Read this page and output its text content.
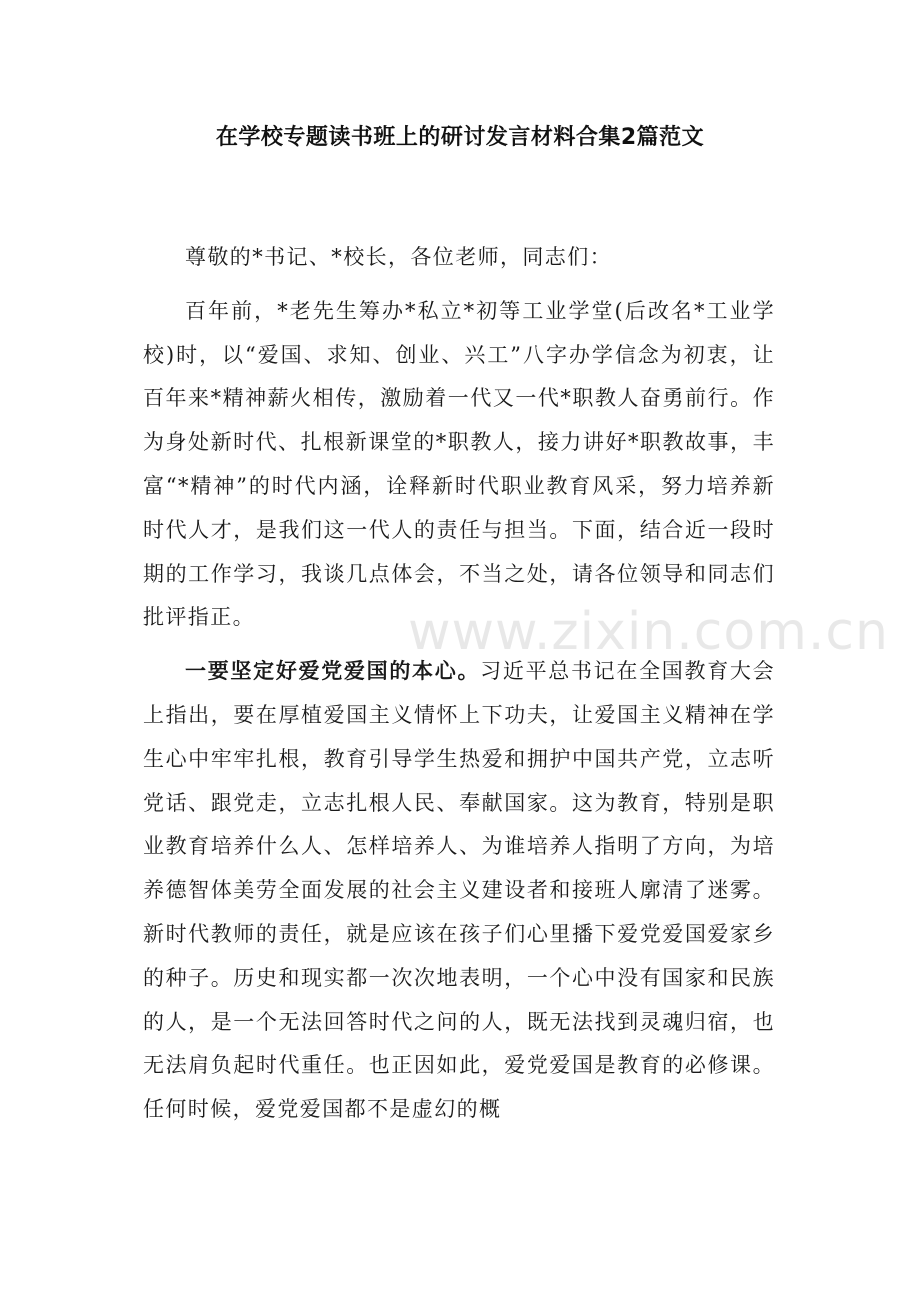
在学校专题读书班上的研讨发言材料合集2篇范文

尊敬的*书记、*校长，各位老师，同志们：

百年前，*老先生筹办*私立*初等工业学堂(后改名*工业学校)时，以“爱国、求知、创业、兴工”八字办学信念为初衷，让百年来*精神薪火相传，激励着一代又一代*职教人奋勇前行。作为身处新时代、扎根新课堂的*职教人，接力讲好*职教故事，丰富“*精神”的时代内涵，诠释新时代职业教育风采，努力培养新时代人才，是我们这一代人的责任与担当。下面，结合近一段时期的工作学习，我谈几点体会，不当之处，请各位领导和同志们批评指正。

一要坚定好爱党爱国的本心。习近平总书记在全国教育大会上指出，要在厚植爱国主义情怀上下功夫，让爱国主义精神在学生心中牢牢扎根，教育引导学生热爱和拥护中国共产党，立志听党话、跟党走，立志扎根人民、奉献国家。这为教育，特别是职业教育培养什么人、怎样培养人、为谁培养人指明了方向，为培养德智体美劳全面发展的社会主义建设者和接班人廓清了迷雾。新时代教师的责任，就是应该在孩子们心里播下爱党爱国爱家乡的种子。历史和现实都一次次地表明，一个心中没有国家和民族的人，是一个无法回答时代之问的人，既无法找到灵魂归宿，也无法肩负起时代重任。也正因如此，爱党爱国是教育的必修课。任何时候，爱党爱国都不是虚幻的概

www.zixin.com.cn
